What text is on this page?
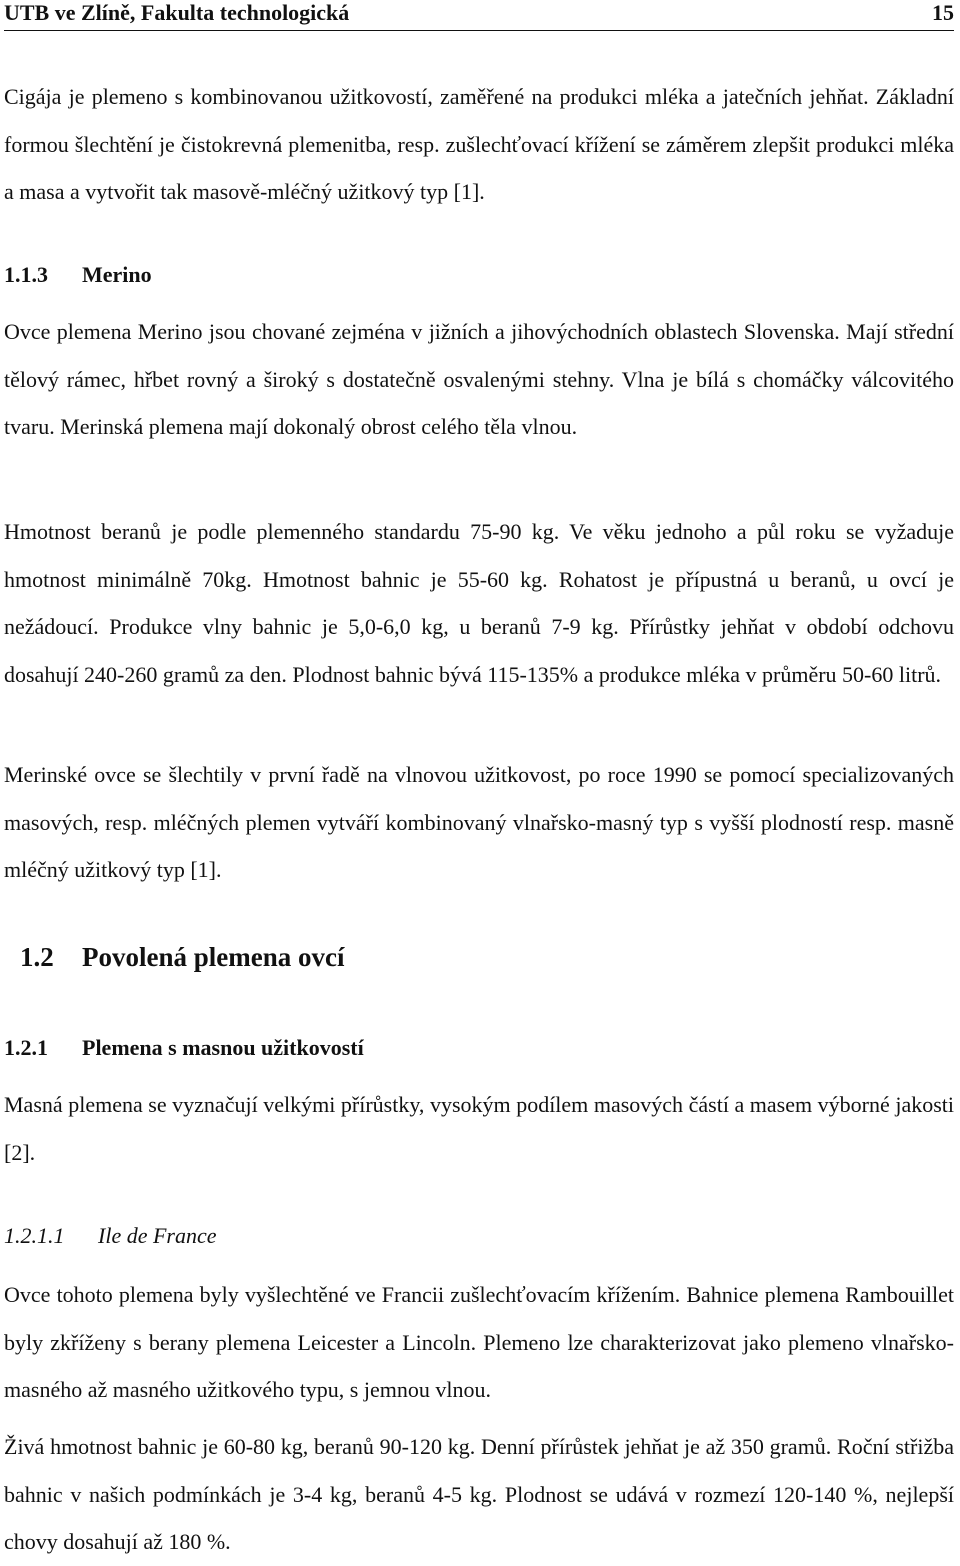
UTB ve Zlíně, Fakulta technologická	15
Cigája je plemeno s kombinovanou užitkovostí, zaměřené na produkci mléka a jatečních jehňat. Základní formou šlechtění je čistokrevná plemenitba, resp. zušlechťovací křížení se záměrem zlepšit produkci mléka a masa a vytvořit tak masově-mléčný užitkový typ [1].
1.1.3 Merino
Ovce plemena Merino jsou chované zejména v jižních a jihovýchodních oblastech Slovenska. Mají střední tělový rámec, hřbet rovný a široký s dostatečně osvalenými stehny. Vlna je bílá s chomáčky válcovitého tvaru. Merinská plemena mají dokonalý obrost celého těla vlnou.
Hmotnost beranů je podle plemenného standardu 75-90 kg. Ve věku jednoho a půl roku se vyžaduje hmotnost minimálně 70kg. Hmotnost bahnic je 55-60 kg. Rohatost je přípustná u beranů, u ovcí je nežádoucí. Produkce vlny bahnic je 5,0-6,0 kg, u beranů 7-9 kg. Přírůstky jehňat v období odchovu dosahují 240-260 gramů za den. Plodnost bahnic bývá 115-135% a produkce mléka v průměru 50-60 litrů.
Merinské ovce se šlechtily v první řadě na vlnovou užitkovost, po roce 1990 se pomocí specializovaných masových, resp. mléčných plemen vytváří kombinovaný vlnařsko-masný typ s vyšší plodností resp. masně mléčný užitkový typ [1].
1.2 Povolená plemena ovcí
1.2.1 Plemena s masnou užitkovostí
Masná plemena se vyznačují velkými přírůstky, vysokým podílem masových částí a masem výborné jakosti [2].
1.2.1.1 Ile de France
Ovce tohoto plemena byly vyšlechtěné ve Francii zušlechťovacím křížením. Bahnice plemena Rambouillet byly zkříženy s berany plemena Leicester a Lincoln. Plemeno lze charakterizovat jako plemeno vlnařsko-masného až masného užitkového typu, s jemnou vlnou.
Živá hmotnost bahnic je 60-80 kg, beranů 90-120 kg. Denní přírůstek jehňat je až 350 gramů. Roční střižba bahnic v našich podmínkách je 3-4 kg, beranů 4-5 kg. Plodnost se udává v rozmezí 120-140 %, nejlepší chovy dosahují až 180 %.
